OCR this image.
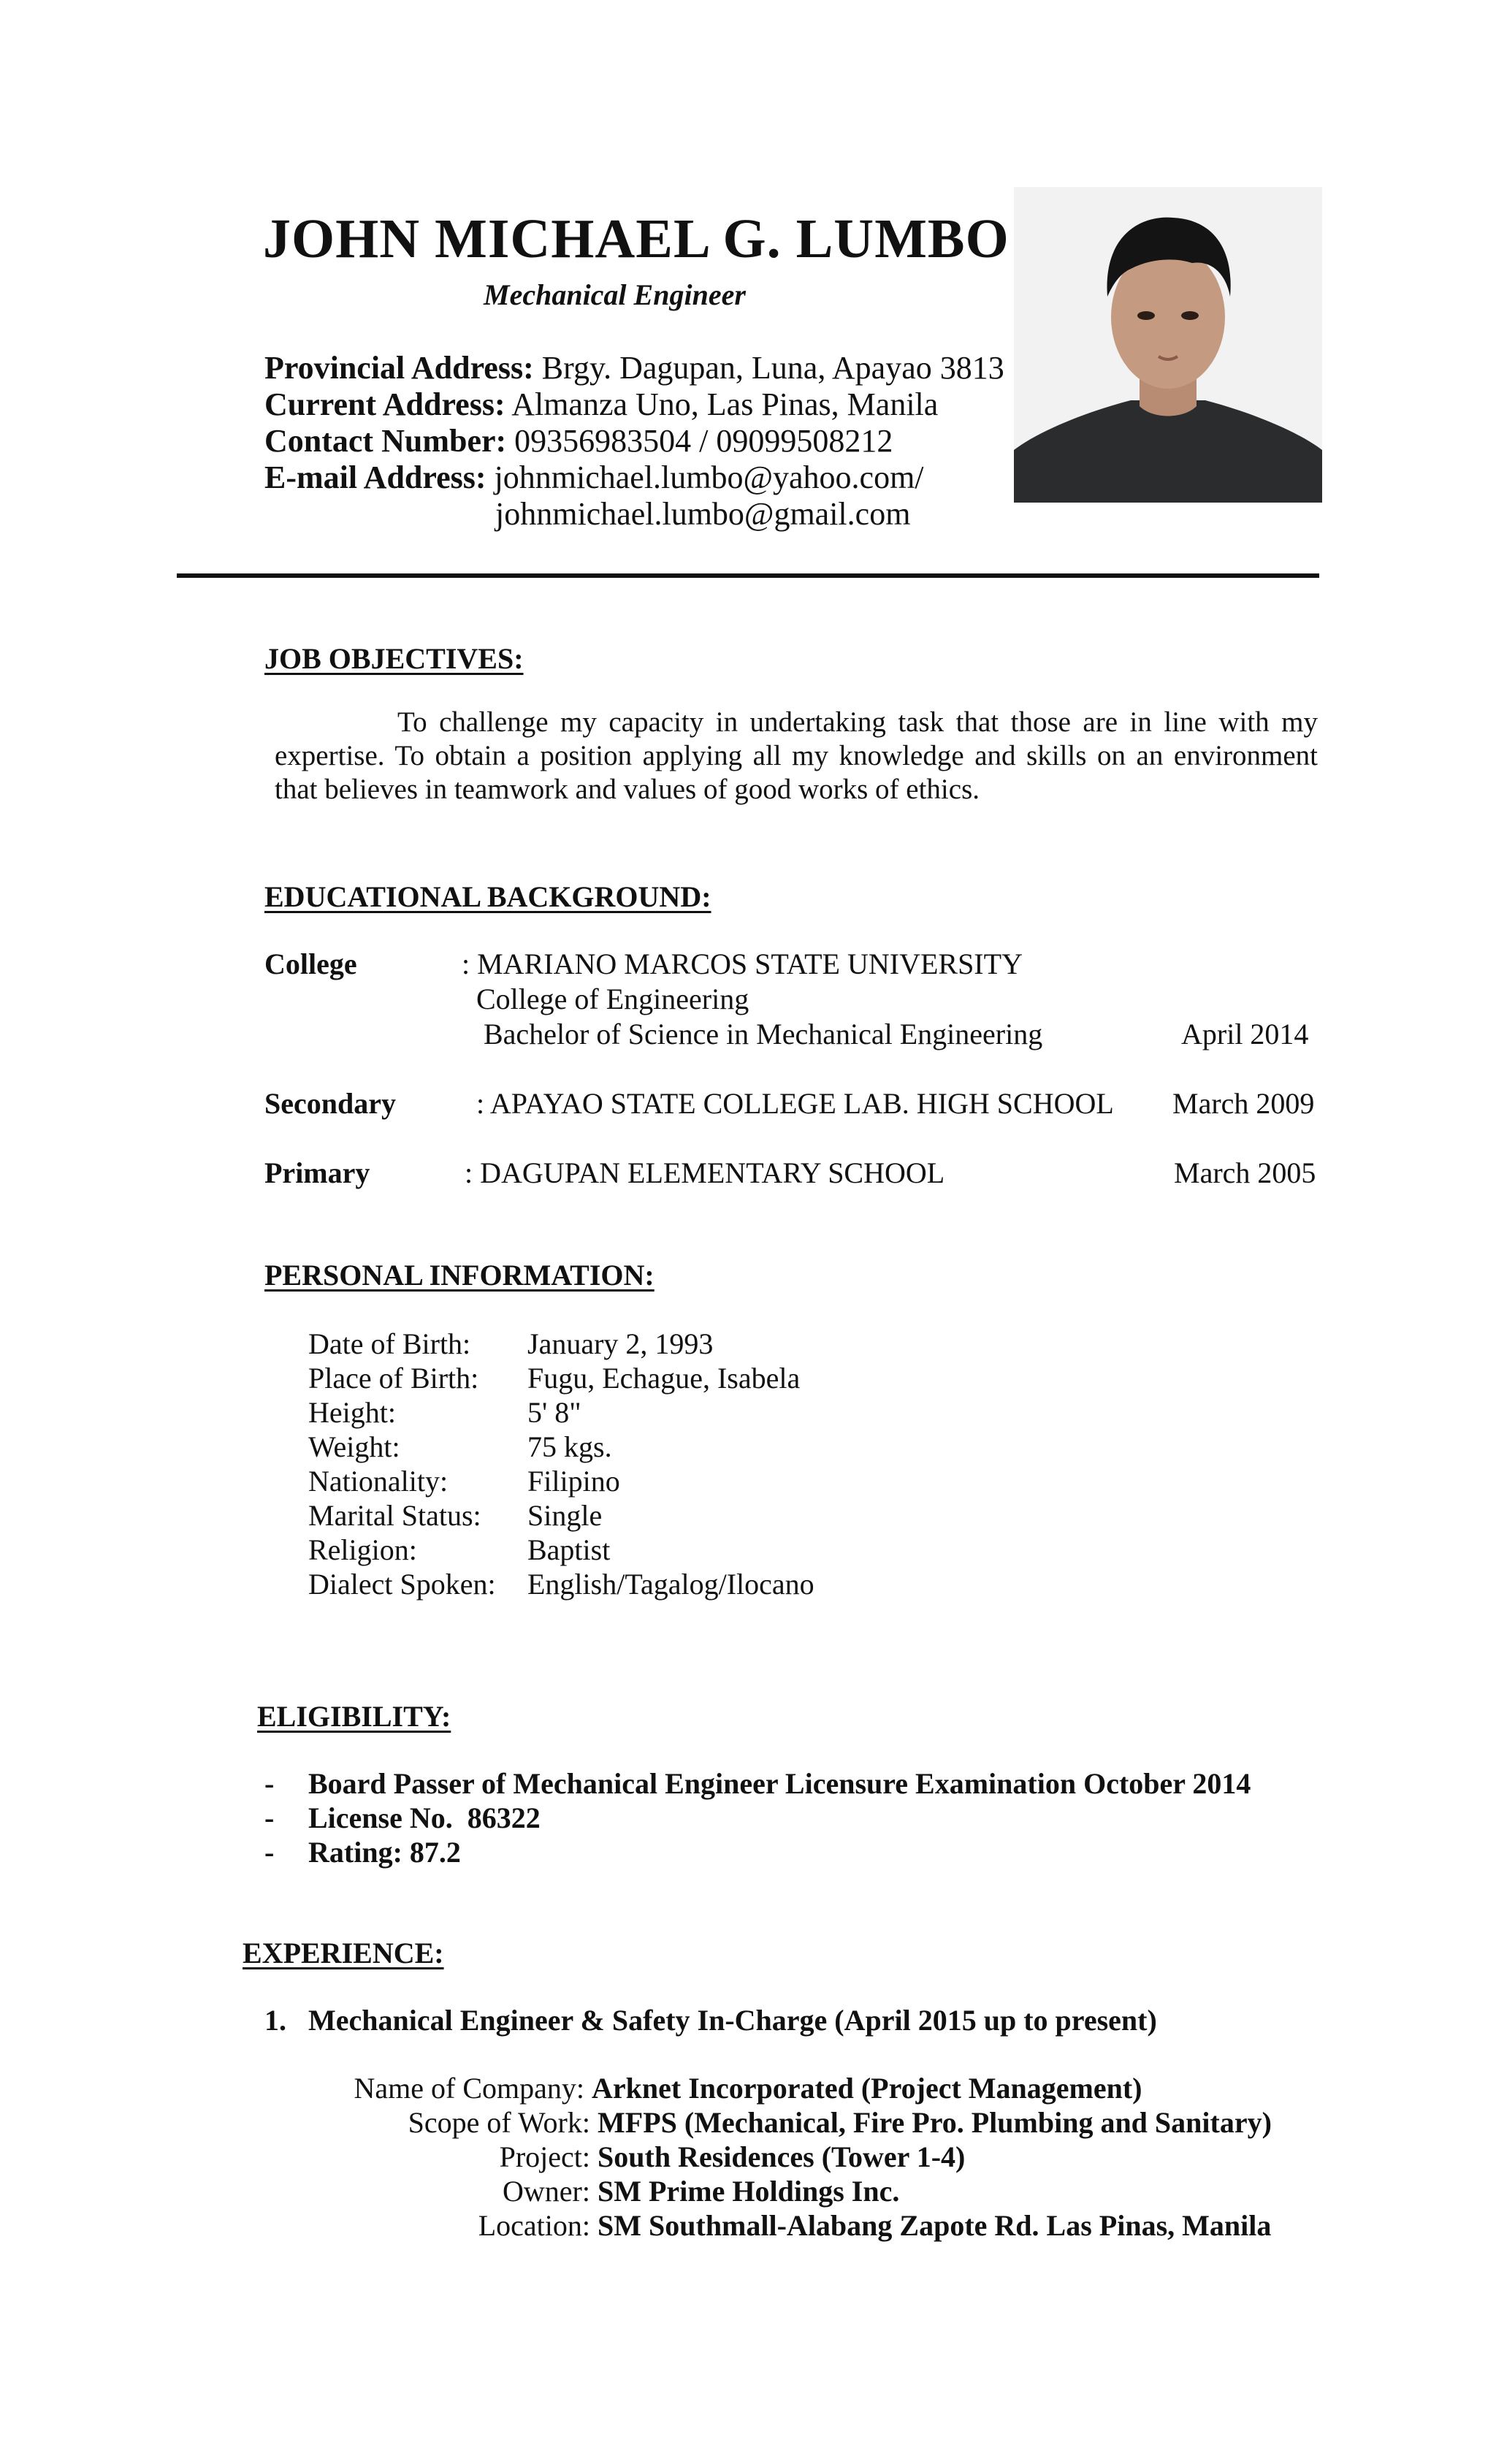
JOHN MICHAEL G. LUMBO
Mechanical Engineer
Provincial Address: Brgy. Dagupan, Luna, Apayao 3813
Current Address: Almanza Uno, Las Pinas, Manila
Contact Number: 09356983504 / 09099508212
E-mail Address: johnmichael.lumbo@yahoo.com/
johnmichael.lumbo@gmail.com
JOB OBJECTIVES:
To challenge my capacity in undertaking task that those are in line with my expertise. To obtain a position applying all my knowledge and skills on an environment that believes in teamwork and values of good works of ethics.
EDUCATIONAL BACKGROUND:
College	: MARIANO MARCOS STATE UNIVERSITY
College of Engineering
Bachelor of Science in Mechanical Engineering	April 2014
Secondary	: APAYAO STATE COLLEGE LAB. HIGH SCHOOL March 2009
Primary	: DAGUPAN ELEMENTARY SCHOOL	March 2005
PERSONAL INFORMATION:
Date of Birth: January 2, 1993
Place of Birth: Fugu, Echague, Isabela
Height:	5' 8"
Weight:	75 kgs.
Nationality:	Filipino
Marital Status: Single
Religion:	Baptist
Dialect Spoken: English/Tagalog/Ilocano
ELIGIBILITY:
- Board Passer of Mechanical Engineer Licensure Examination October 2014
- License No.  86322
- Rating: 87.2
EXPERIENCE:
1. Mechanical Engineer & Safety In-Charge (April 2015 up to present)
Name of Company: Arknet Incorporated (Project Management)
Scope of Work: MFPS (Mechanical, Fire Pro. Plumbing and Sanitary)
Project: South Residences (Tower 1-4)
Owner: SM Prime Holdings Inc.
Location: SM Southmall-Alabang Zapote Rd. Las Pinas, Manila
